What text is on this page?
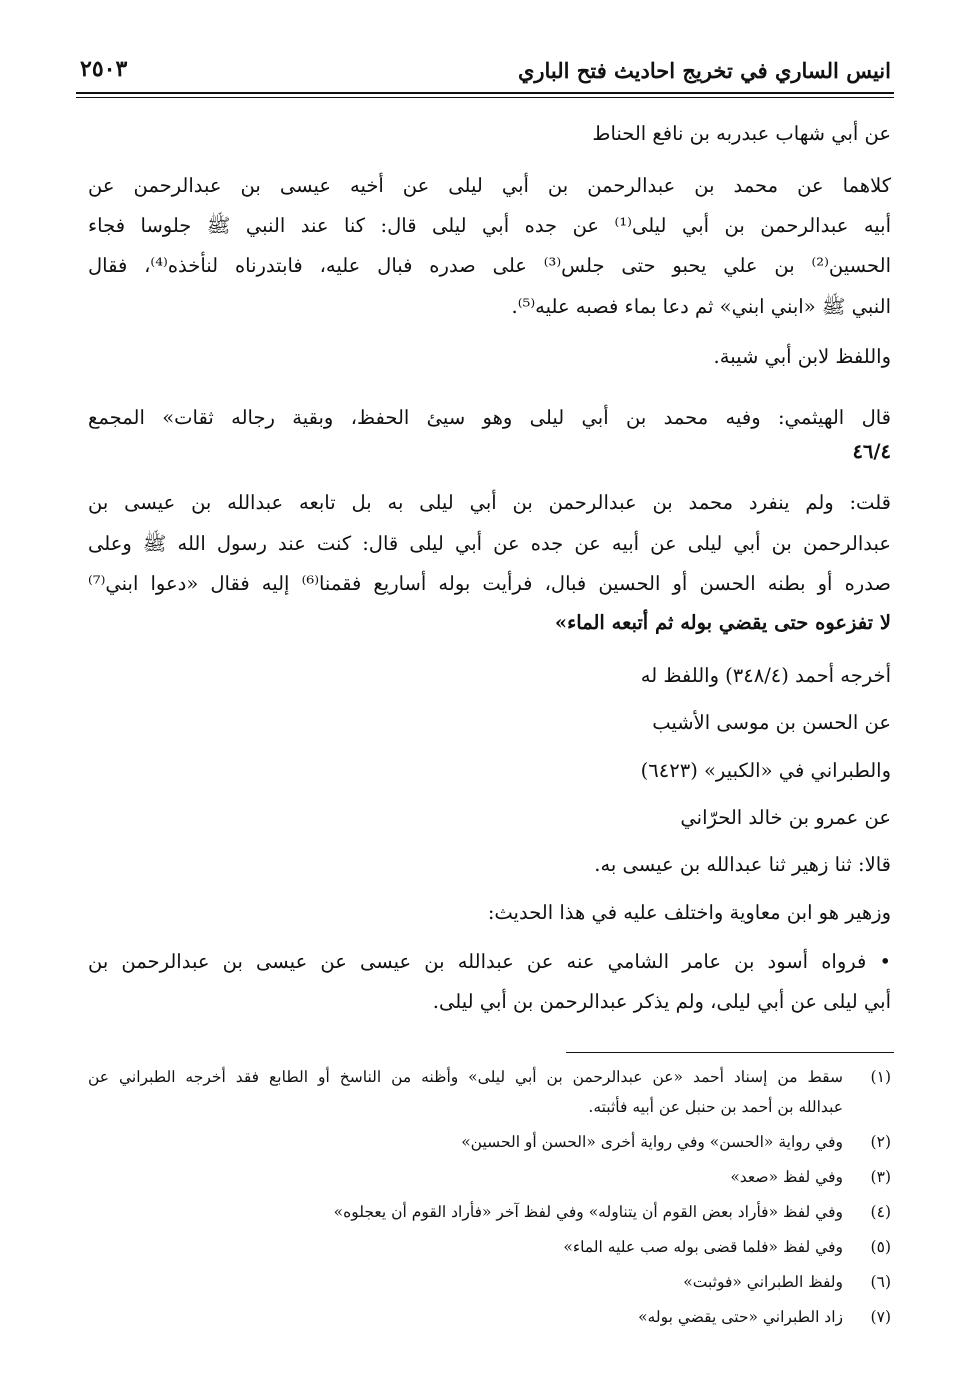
انيس الساري في تخريج احاديث فتح الباري
٢٥٠٣
عن أبي شهاب عبدربه بن نافع الحناط
كلاهما عن محمد بن عبدالرحمن بن أبي ليلى عن أخيه عيسى بن عبدالرحمن عن
أبيه عبدالرحمن بن أبي ليلى⁽¹⁾ عن جده أبي ليلى قال: كنا عند النبي ﷺ جلوسا فجاء
الحسين⁽²⁾ بن علي يحبو حتى جلس⁽³⁾ على صدره فبال عليه، فابتدرناه لنأخذه⁽⁴⁾، فقال
النبي ﷺ «ابني ابني» ثم دعا بماء فصبه عليه⁽⁵⁾.
واللفظ لابن أبي شيبة.
قال الهيثمي: وفيه محمد بن أبي ليلى وهو سيئ الحفظ، وبقية رجاله ثقات» المجمع
٤٦/٤
قلت: ولم ينفرد محمد بن عبدالرحمن بن أبي ليلى به بل تابعه عبدالله بن عيسى بن
عبدالرحمن بن أبي ليلى عن أبيه عن جده عن أبي ليلى قال: كنت عند رسول الله ﷺ وعلى
صدره أو بطنه الحسن أو الحسين فبال، فرأيت بوله أساريع فقمنا⁽⁶⁾ إليه فقال «دعوا ابني⁽⁷⁾
لا تفزعوه حتى يقضي بوله ثم أتبعه الماء»
أخرجه أحمد (٣٤٨/٤) واللفظ له
عن الحسن بن موسى الأشيب
والطبراني في «الكبير» (٦٤٢٣)
عن عمرو بن خالد الحرّاني
قالا: ثنا زهير ثنا عبدالله بن عيسى به.
وزهير هو ابن معاوية واختلف عليه في هذا الحديث:
• فرواه أسود بن عامر الشامي عنه عن عبدالله بن عيسى عن عيسى بن عبدالرحمن بن
أبي ليلى عن أبي ليلى، ولم يذكر عبدالرحمن بن أبي ليلى.
(١)
سقط من إسناد أحمد «عن عبدالرحمن بن أبي ليلى» وأظنه من الناسخ أو الطابع فقد أخرجه الطبراني عن
عبدالله بن أحمد بن حنبل عن أبيه فأثبته.
(٢)
وفي رواية «الحسن» وفي رواية أخرى «الحسن أو الحسين»
(٣)
وفي لفظ «صعد»
(٤)
وفي لفظ «فأراد بعض القوم أن يتناوله» وفي لفظ آخر «فأراد القوم أن يعجلوه»
(٥)
وفي لفظ «فلما قضى بوله صب عليه الماء»
(٦)
ولفظ الطبراني «فوثبت»
(٧)
زاد الطبراني «حتى يقضي بوله»
